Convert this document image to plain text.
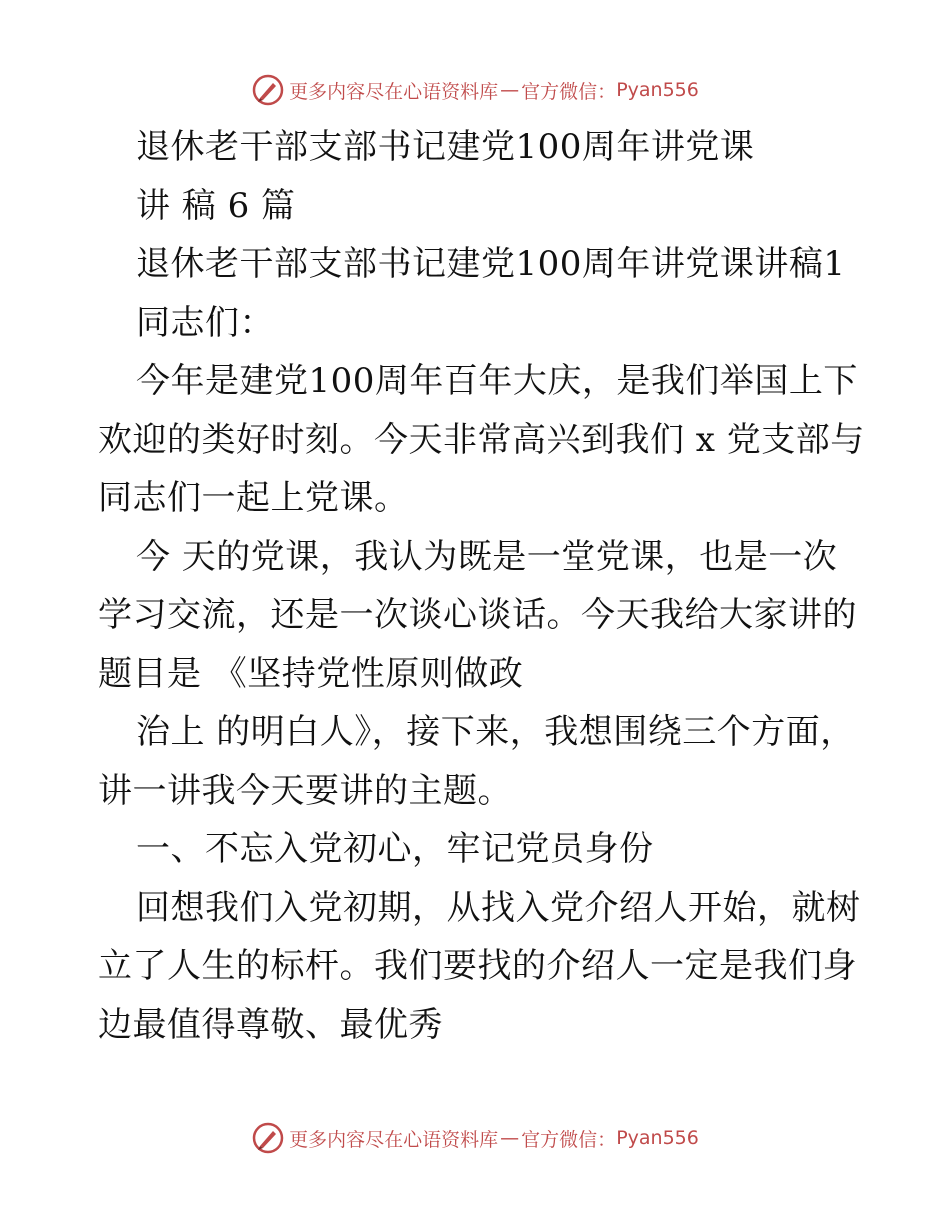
更多内容尽在心语资料库 — 官方微信： Pyan556
退休老干部支部书记建党100周年讲党课
讲 稿 6 篇
退休老干部支部书记建党100周年讲党课讲稿1
同志们：
今年是建党100周年百年大庆，是我们举国上下
欢迎的类好时刻。今天非常高兴到我们 x 党支部与
同志们一起上党课。
今 天的党课，我认为既是一堂党课，也是一次
学习交流，还是一次谈心谈话。今天我给大家讲的
题目是 《坚持党性原则做政
治上 的明白人》，接下来，我想围绕三个方面，
讲一讲我今天要讲的主题。
一、不忘入党初心，牢记党员身份
回想我们入党初期，从找入党介绍人开始，就树
立了人生的标杆。我们要找的介绍人一定是我们身
边最值得尊敬、最优秀
更多内容尽在心语资料库 — 官方微信： Pyan556
